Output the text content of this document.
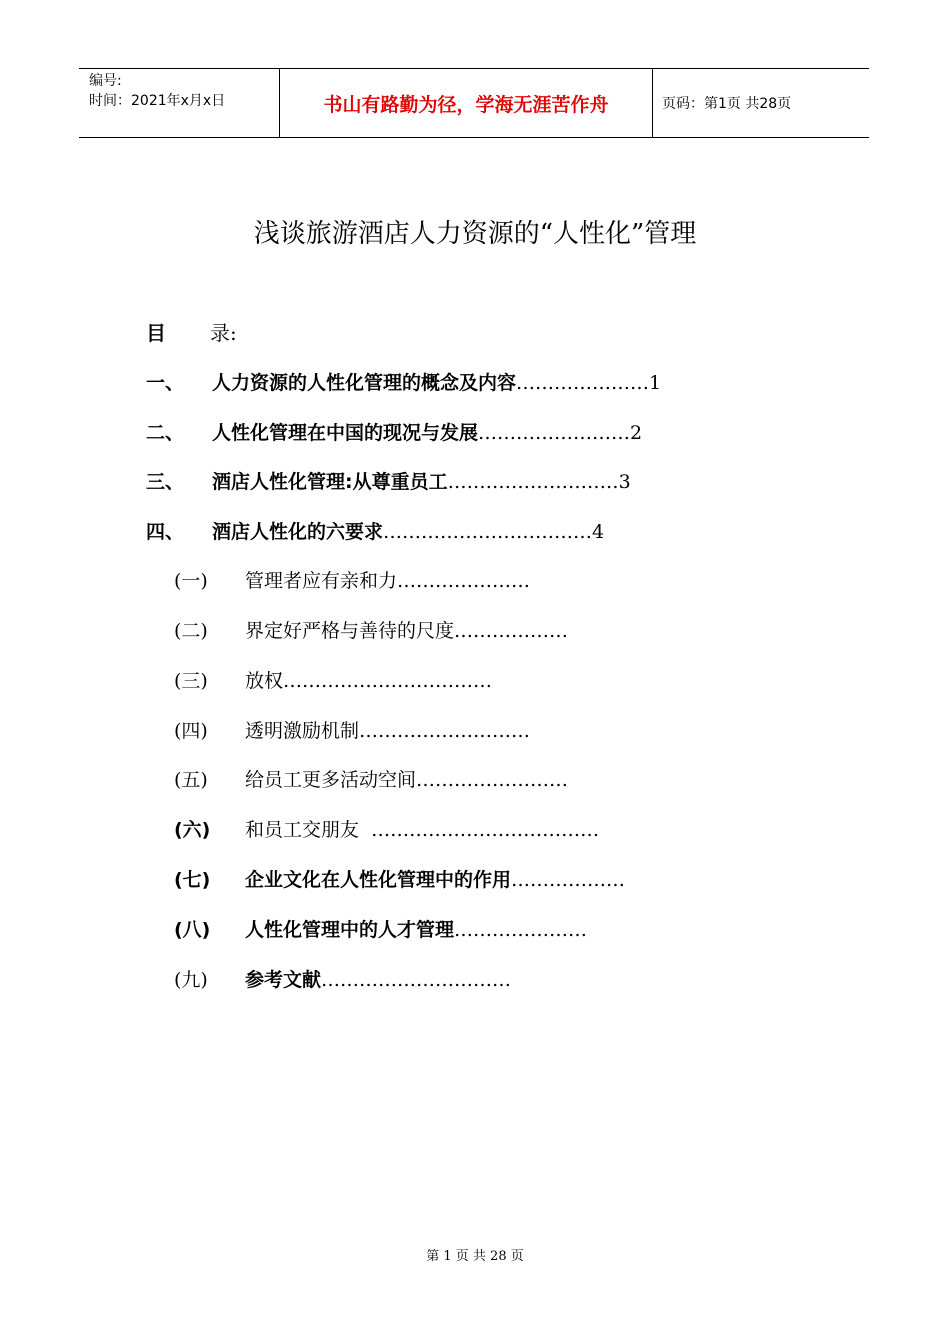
编号:
时间：2021年x月x日	书山有路勤为径，学海无涯苦作舟	页码：第1页 共28页
浅谈旅游酒店人力资源的“人性化”管理
目 录:
一、	人力资源的人性化管理的概念及内容 ………………… 1
二、	人性化管理在中国的现况与发展 …………………… 2
三、	酒店人性化管理:从尊重员工 ……………………… 3
四、	酒店人性化的六要求 …………………………… 4
(一)	管理者应有亲和力 …………………
(二)	界定好严格与善待的尺度 ………………
(三)	放权 ……………………………
(四)	透明激励机制 ………………………
(五)	给员工更多活动空间 ……………………
(六)	和员工交朋友 ………………………………
(七)	企业文化在人性化管理中的作用 ………………
(八)	人性化管理中的人才管理 …………………
(九)	参考文献 …………………………
第 1 页 共 28 页
